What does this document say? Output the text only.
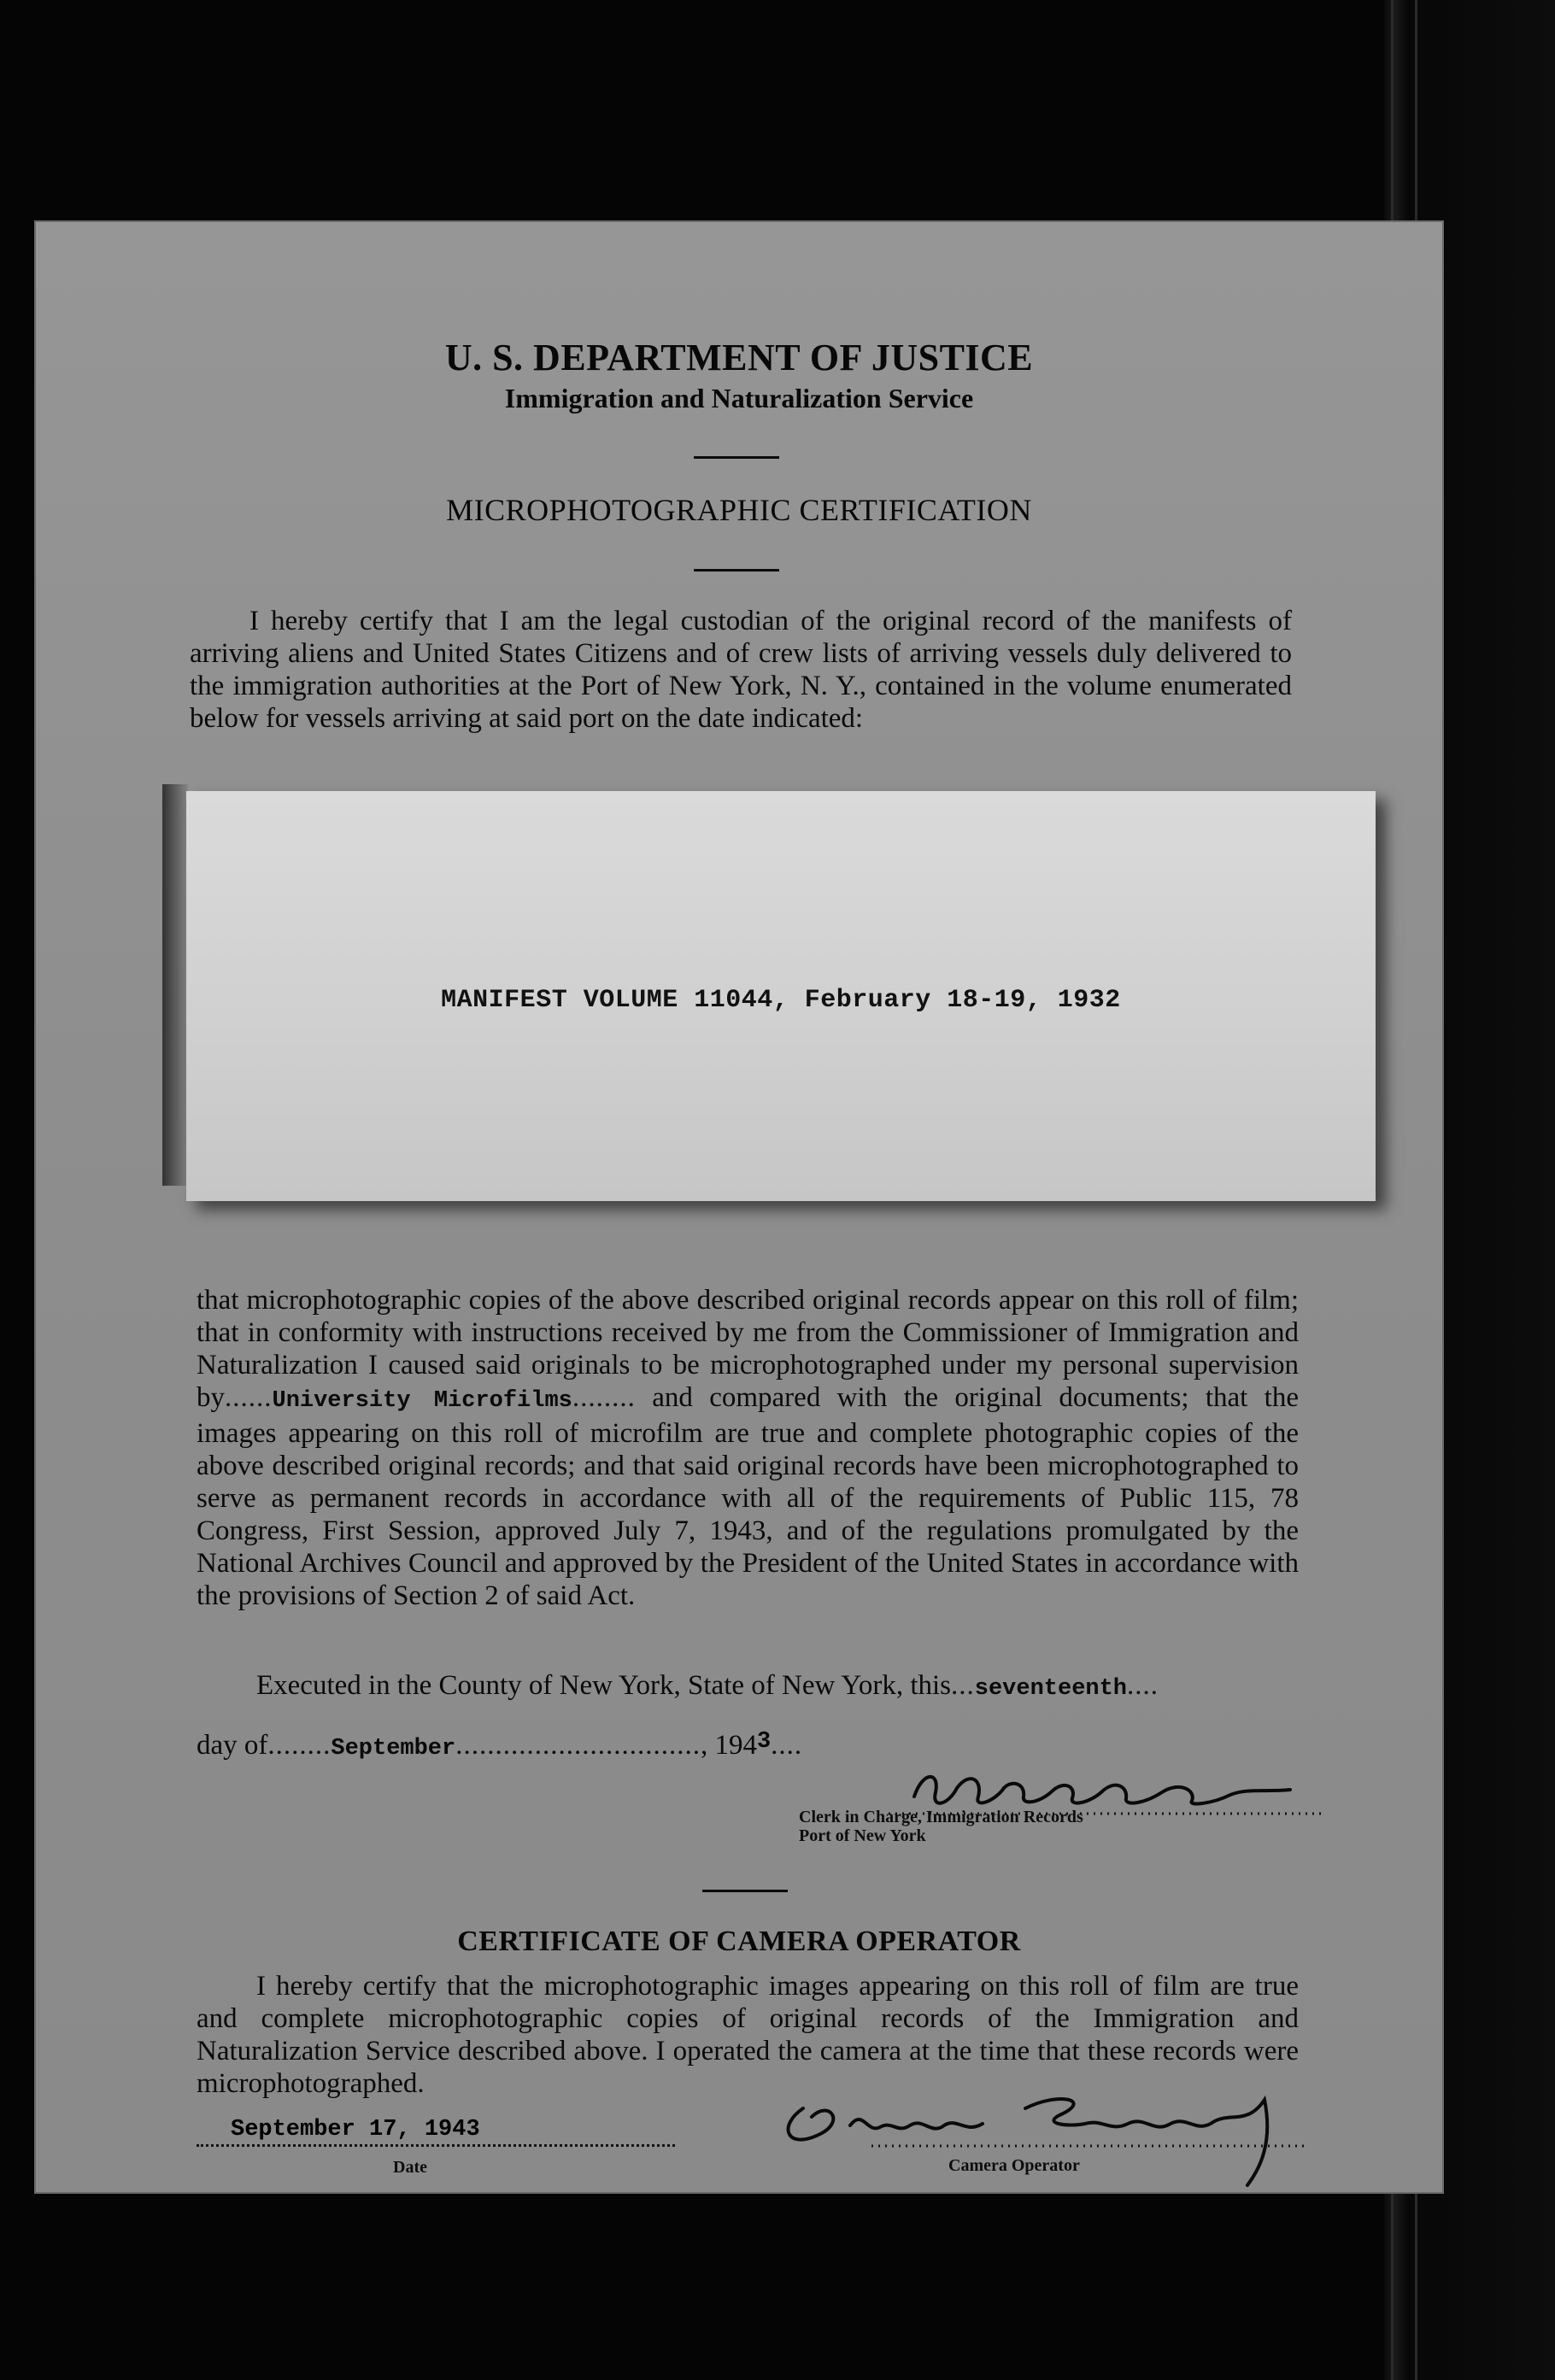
U. S. DEPARTMENT OF JUSTICE
Immigration and Naturalization Service
MICROPHOTOGRAPHIC CERTIFICATION
I hereby certify that I am the legal custodian of the original record of the manifests of arriving aliens and United States Citizens and of crew lists of arriving vessels duly delivered to the immigration authorities at the Port of New York, N. Y., contained in the volume enumerated below for vessels arriving at said port on the date indicated:
MANIFEST VOLUME 11044, February 18-19, 1932
that microphotographic copies of the above described original records appear on this roll of film; that in conformity with instructions received by me from the Commissioner of Immigration and Naturalization I caused said originals to be microphotographed under my personal supervision by......University Microfilms........ and compared with the original documents; that the images appearing on this roll of microfilm are true and complete photographic copies of the above described original records; and that said original records have been microphotographed to serve as permanent records in accordance with all of the requirements of Public 115, 78 Congress, First Session, approved July 7, 1943, and of the regulations promulgated by the National Archives Council and approved by the President of the United States in accordance with the provisions of Section 2 of said Act.
Executed in the County of New York, State of New York, this...seventeenth....
day of........September..............................., $194^3$....
Clerk in Charge, Immigration Records
Port of New York
CERTIFICATE OF CAMERA OPERATOR
I hereby certify that the microphotographic images appearing on this roll of film are true and complete microphotographic copies of original records of the Immigration and Naturalization Service described above. I operated the camera at the time that these records were microphotographed.
September 17, 1943
Date	Camera Operator
